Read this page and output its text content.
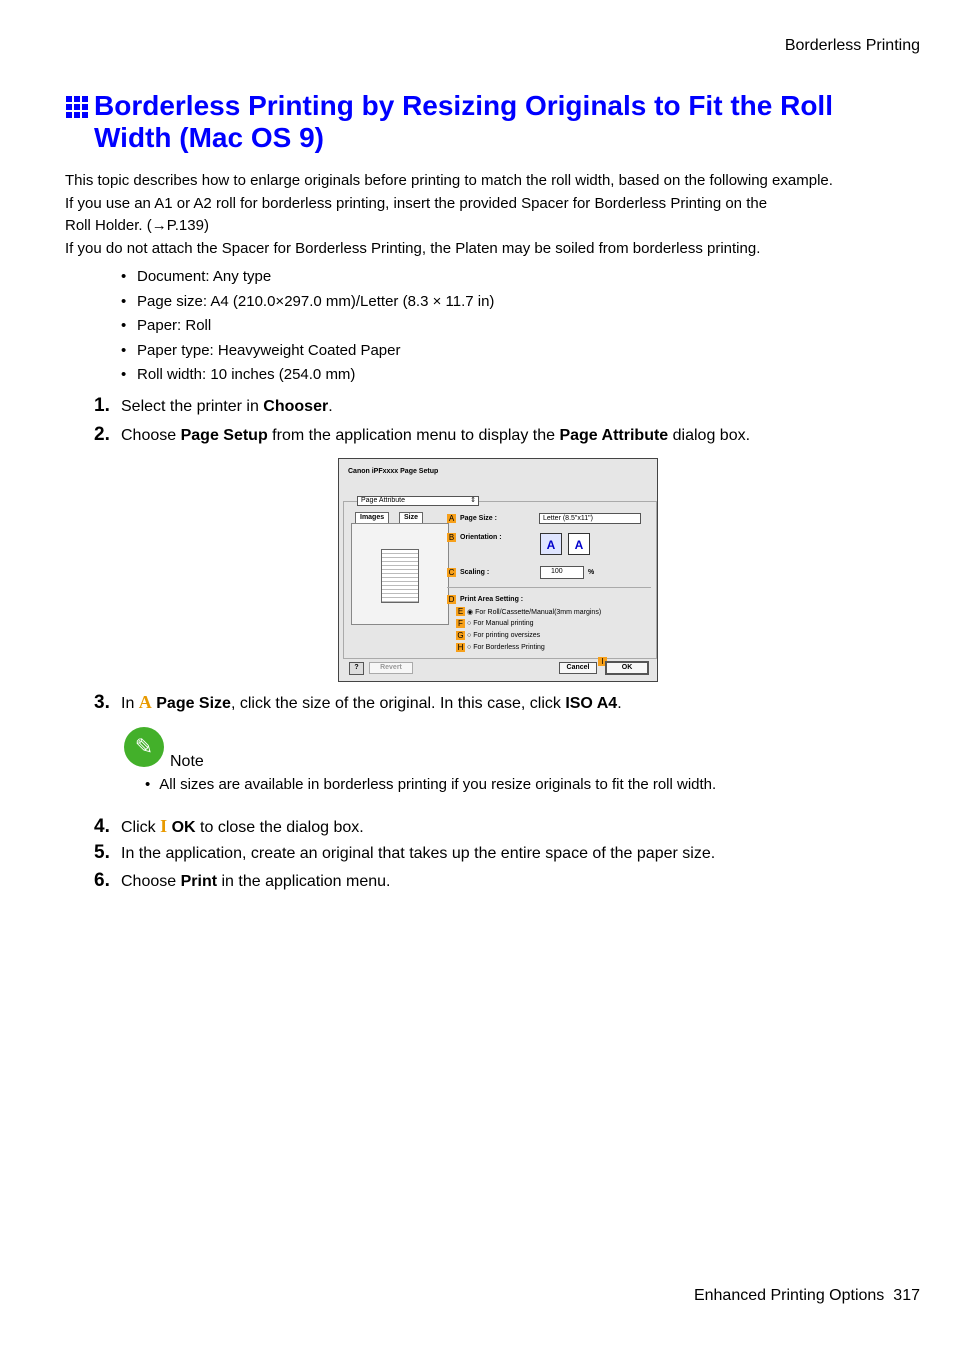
Borderless Printing
Borderless Printing by Resizing Originals to Fit the Roll Width (Mac OS 9)

This topic describes how to enlarge originals before printing to match the roll width, based on the following example.

If you use an A1 or A2 roll for borderless printing, insert the provided Spacer for Borderless Printing on the

Roll Holder. (→P.139)

If you do not attach the Spacer for Borderless Printing, the Platen may be soiled from borderless printing.

• Document: Any type
• Page size: A4 (210.0×297.0 mm)/Letter (8.3 × 11.7 in)
• Paper: Roll
• Paper type: Heavyweight Coated Paper
• Roll width: 10 inches (254.0 mm)
1. Select the printer in Chooser.
2. Choose Page Setup from the application menu to display the Page Attribute dialog box.
Canon iPFxxxx Page Setup
Page Attribute ⇕
Images	Size	A Page Size :	Letter (8.5"x11")
B Orientation :
A	A
C Scaling :	100	%
D Print Area Setting :
E	◉ For Roll/Cassette/Manual(3mm margins)
F	○ For Manual printing
G	○ For printing oversizes
H	○ For Borderless Printing
?	Revert	Cancel
I
OK
3. In A Page Size, click the size of the original. In this case, click ISO A4.
✎
Note
• All sizes are available in borderless printing if you resize originals to fit the roll width.
4. Click I OK to close the dialog box.
5. In the application, create an original that takes up the entire space of the paper size.
6. Choose Print in the application menu.
Enhanced Printing Options 317
